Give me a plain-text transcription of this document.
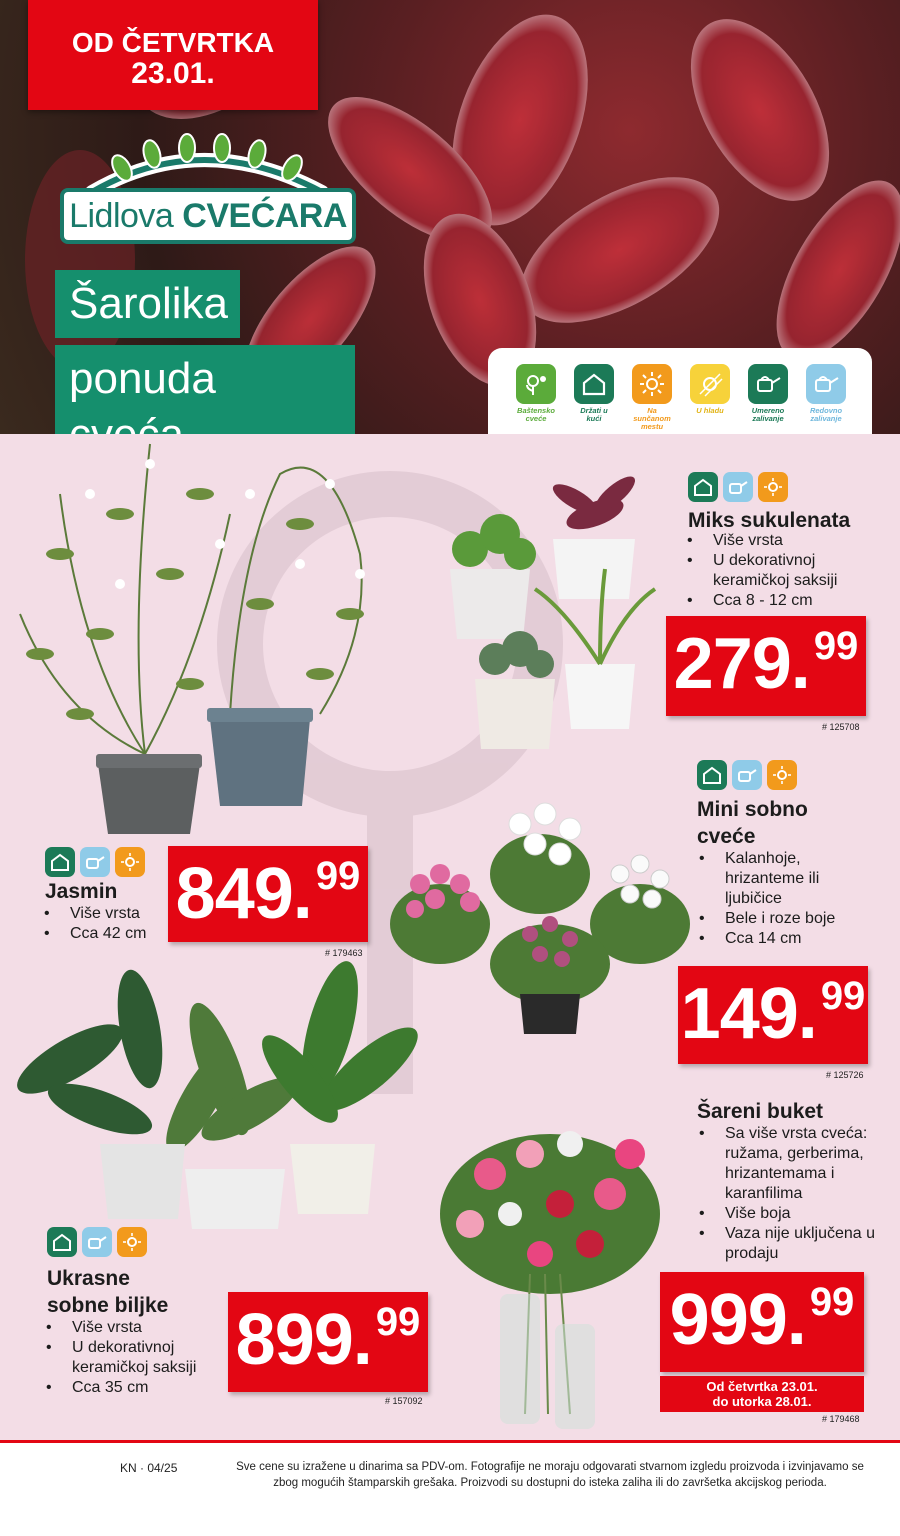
OD ČETVRTKA
23.01.
Lidlova CVEĆARA
Šarolika
ponuda
Baštensko cveće
Držati u kući
Na sunčanom mestu
U hladu	Umereno zalivanje
Redovno zalivanje
Miks sukulenata
• Više vrsta
• U dekorativnoj keramičkoj saksiji
• Cca 8 - 12 cm
279. 99
# 125708
Jasmin
• Više vrsta
• Cca 42 cm 849. 99
# 179463
Mini sobno
cveće
• Kalanhoje, hrizanteme ili ljubičice
• Bele i roze boje
• Cca 14 cm
149. 99
# 125726
Ukrasne
sobne biljke
• Više vrsta
• U dekorativnoj keramičkoj saksiji
• Cca 35 cm
899. 99
# 157092
Šareni buket
• Sa više vrsta cveća: ružama, gerberima, hrizantemama i karanfilima
• Više boja
• Vaza nije uključena u prodaju
999. 99
Od četvrtka 23.01.
do utorka 28.01.
# 179468
KN · 04/25	Sve cene su izražene u dinarima sa PDV-om. Fotografije ne moraju odgovarati stvarnom izgledu proizvoda i izvinjavamo se zbog mogućih štamparskih grešaka. Proizvodi su dostupni do isteka zaliha ili do završetka akcijskog perioda.
